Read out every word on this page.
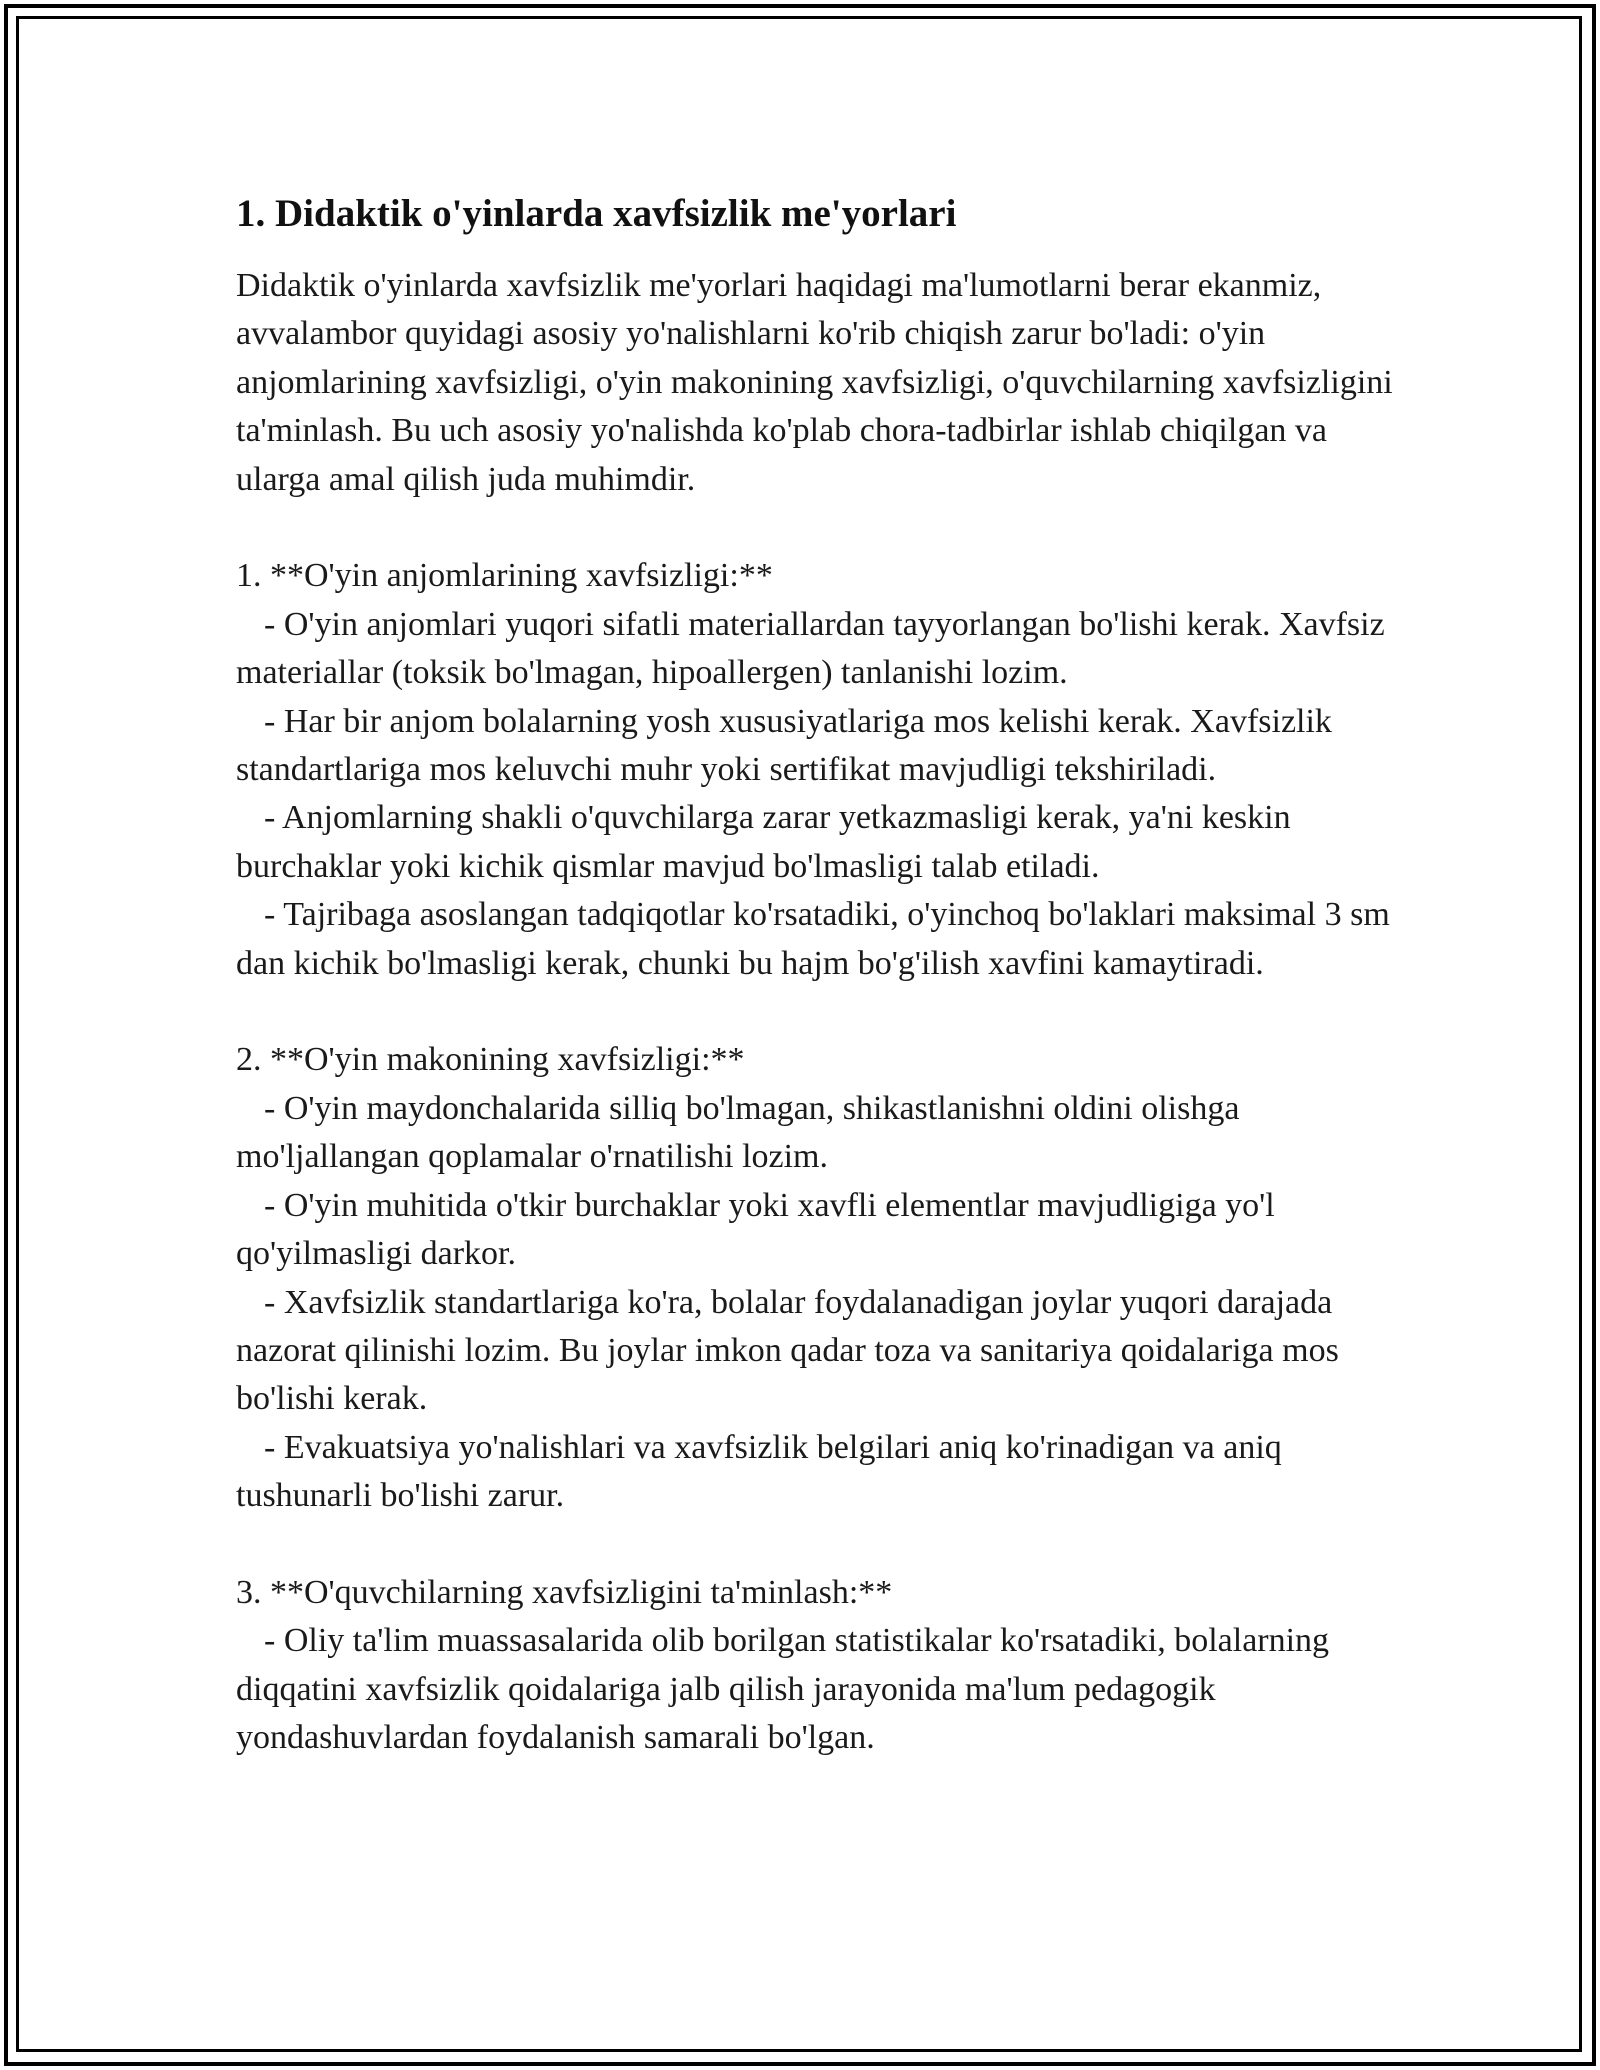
1. Didaktik o'yinlarda xavfsizlik me'yorlari

Didaktik o'yinlarda xavfsizlik me'yorlari haqidagi ma'lumotlarni berar ekanmiz, avvalambor quyidagi asosiy yo'nalishlarni ko'rib chiqish zarur bo'ladi: o'yin anjomlarining xavfsizligi, o'yin makonining xavfsizligi, o'quvchilarning xavfsizligini ta'minlash. Bu uch asosiy yo'nalishda ko'plab chora-tadbirlar ishlab chiqilgan va ularga amal qilish juda muhimdir.

1. **O'yin anjomlarining xavfsizligi:**

- O'yin anjomlari yuqori sifatli materiallardan tayyorlangan bo'lishi kerak. Xavfsiz materiallar (toksik bo'lmagan, hipoallergen) tanlanishi lozim.

- Har bir anjom bolalarning yosh xususiyatlariga mos kelishi kerak. Xavfsizlik standartlariga mos keluvchi muhr yoki sertifikat mavjudligi tekshiriladi.

- Anjomlarning shakli o'quvchilarga zarar yetkazmasligi kerak, ya'ni keskin burchaklar yoki kichik qismlar mavjud bo'lmasligi talab etiladi.

- Tajribaga asoslangan tadqiqotlar ko'rsatadiki, o'yinchoq bo'laklari maksimal 3 sm dan kichik bo'lmasligi kerak, chunki bu hajm bo'g'ilish xavfini kamaytiradi.

2. **O'yin makonining xavfsizligi:**

- O'yin maydonchalarida silliq bo'lmagan, shikastlanishni oldini olishga mo'ljallangan qoplamalar o'rnatilishi lozim.

- O'yin muhitida o'tkir burchaklar yoki xavfli elementlar mavjudligiga yo'l qo'yilmasligi darkor.

- Xavfsizlik standartlariga ko'ra, bolalar foydalanadigan joylar yuqori darajada nazorat qilinishi lozim. Bu joylar imkon qadar toza va sanitariya qoidalariga mos bo'lishi kerak.

- Evakuatsiya yo'nalishlari va xavfsizlik belgilari aniq ko'rinadigan va aniq tushunarli bo'lishi zarur.

3. **O'quvchilarning xavfsizligini ta'minlash:**

- Oliy ta'lim muassasalarida olib borilgan statistikalar ko'rsatadiki, bolalarning diqqatini xavfsizlik qoidalariga jalb qilish jarayonida ma'lum pedagogik yondashuvlardan foydalanish samarali bo'lgan.
